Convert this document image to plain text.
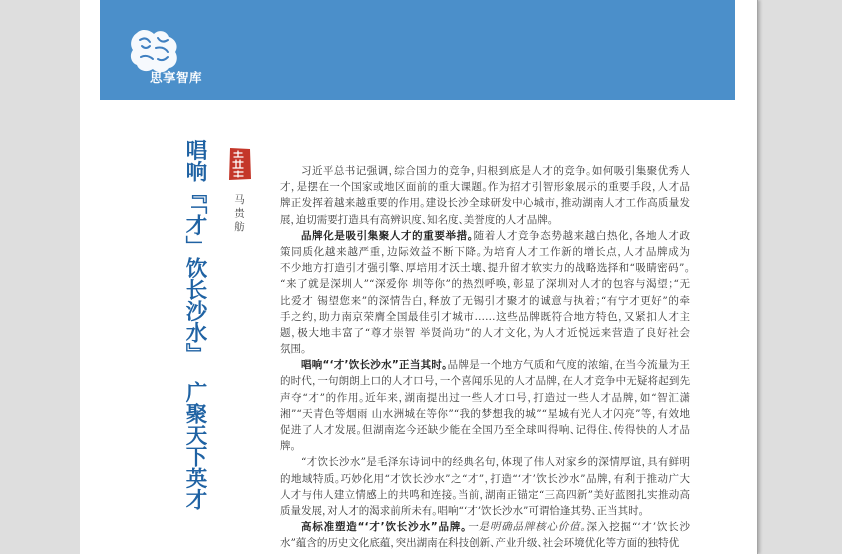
思享智库
唱响『「才」饮长沙水』广聚天下英才
马贵舫
习近平总书记强调，综合国力的竞争，归根到底是人才的竞争。如何吸引集聚优秀人
才，是摆在一个国家或地区面前的重大课题。作为招才引智形象展示的重要手段，人才品
牌正发挥着越来越重要的作用。建设长沙全球研发中心城市，推动湖南人才工作高质量发
展，迫切需要打造具有高辨识度、知名度、美誉度的人才品牌。
品牌化是吸引集聚人才的重要举措。随着人才竞争态势越来越白热化，各地人才政
策同质化越来越严重，边际效益不断下降。为培育人才工作新的增长点，人才品牌成为
不少地方打造引才强引擎、厚培用才沃土壤、提升留才软实力的战略选择和“吸睛密码”。
“来了就是深圳人”“深爱你 圳等你”的热烈呼唤，彰显了深圳对人才的包容与渴望；“无
比爱才 锡望您来”的深情告白，释放了无锡引才聚才的诚意与执着；“有宁才更好”的牵
手之约，助力南京荣膺全国最佳引才城市……这些品牌既符合地方特色，又紧扣人才主
题，极大地丰富了“尊才崇智 举贤尚功”的人才文化，为人才近悦远来营造了良好社会
氛围。
唱响“‘才’饮长沙水”正当其时。品牌是一个地方气质和气度的浓缩，在当今流量为王
的时代，一句朗朗上口的人才口号，一个喜闻乐见的人才品牌，在人才竞争中无疑将起到先
声夺“才”的作用。近年来，湖南提出过一些人才口号，打造过一些人才品牌，如“智汇潇
湘”“天青色等烟雨 山水洲城在等你”“我的梦想我的城”“星城有光人才闪亮”等，有效地
促进了人才发展。但湖南迄今还缺少能在全国乃至全球叫得响、记得住、传得快的人才品
牌。
“才饮长沙水”是毛泽东诗词中的经典名句，体现了伟人对家乡的深情厚谊，具有鲜明
的地域特质。巧妙化用“才饮长沙水”之“才”，打造“‘才’饮长沙水”品牌，有利于推动广大
人才与伟人建立情感上的共鸣和连接。当前，湖南正锚定“三高四新”美好蓝图扎实推动高
质量发展，对人才的渴求前所未有。唱响“‘才’饮长沙水”可谓恰逢其势、正当其时。
高标准塑造“‘才’饮长沙水”品牌。一是明确品牌核心价值。深入挖掘“‘才’饮长沙
水”蕴含的历史文化底蕴，突出湖南在科技创新、产业升级、社会环境优化等方面的独特优
